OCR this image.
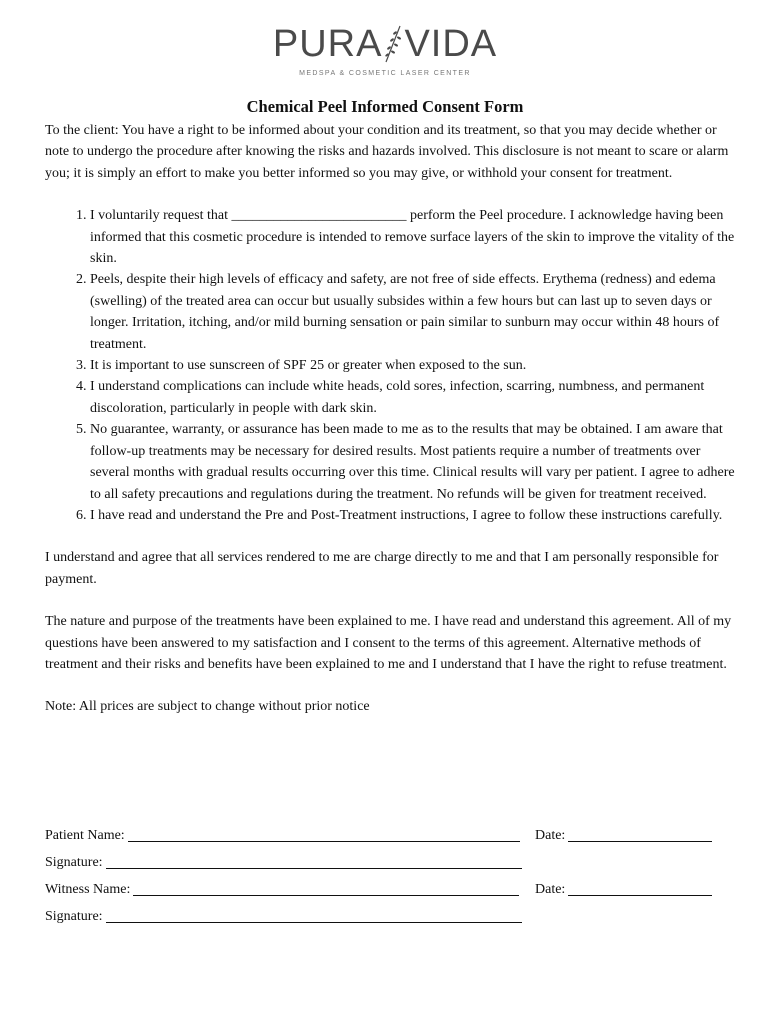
PURA VIDA
MEDSPA & COSMETIC LASER CENTER
Chemical Peel Informed Consent Form

To the client: You have a right to be informed about your condition and its treatment, so that you may decide whether or note to undergo the procedure after knowing the risks and hazards involved. This disclosure is not meant to scare or alarm you; it is simply an effort to make you better informed so you may give, or withhold your consent for treatment.

1. I voluntarily request that _________________________ perform the Peel procedure. I acknowledge having been informed that this cosmetic procedure is intended to remove surface layers of the skin to improve the vitality of the skin.
2. Peels, despite their high levels of efficacy and safety, are not free of side effects. Erythema (redness) and edema (swelling) of the treated area can occur but usually subsides within a few hours but can last up to seven days or longer. Irritation, itching, and/or mild burning sensation or pain similar to sunburn may occur within 48 hours of treatment.
3. It is important to use sunscreen of SPF 25 or greater when exposed to the sun.
4. I understand complications can include white heads, cold sores, infection, scarring, numbness, and permanent discoloration, particularly in people with dark skin.
5. No guarantee, warranty, or assurance has been made to me as to the results that may be obtained. I am aware that follow-up treatments may be necessary for desired results. Most patients require a number of treatments over several months with gradual results occurring over this time. Clinical results will vary per patient. I agree to adhere to all safety precautions and regulations during the treatment. No refunds will be given for treatment received.
6. I have read and understand the Pre and Post-Treatment instructions, I agree to follow these instructions carefully.

I understand and agree that all services rendered to me are charge directly to me and that I am personally responsible for payment.

The nature and purpose of the treatments have been explained to me. I have read and understand this agreement. All of my questions have been answered to my satisfaction and I consent to the terms of this agreement. Alternative methods of treatment and their risks and benefits have been explained to me and I understand that I have the right to refuse treatment.

Note: All prices are subject to change without prior notice

Patient Name:	Date:
Signature:
Witness Name:	Date:
Signature:
